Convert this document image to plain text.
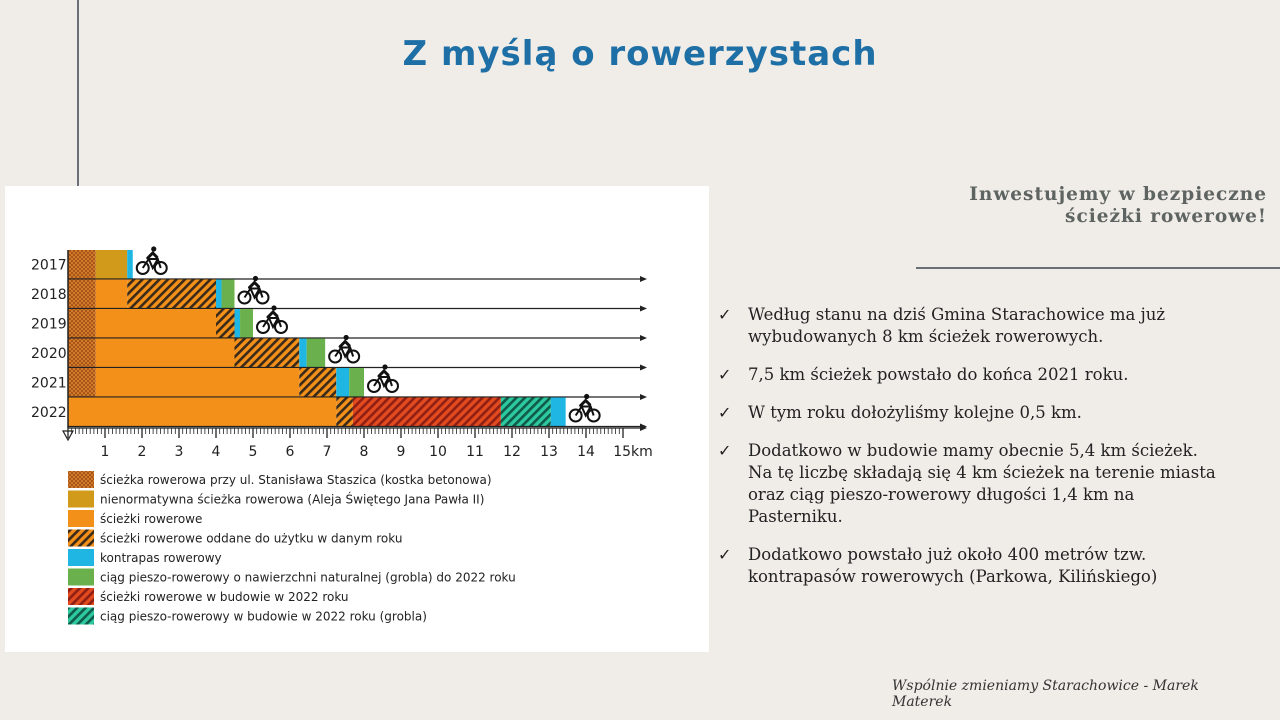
Z myślą o rowerzystach
2017
2018
2019
2020
2021
2022
1 2 3 4 5 6 7 8 9 10 11 12 13 14 15km
ścieżka rowerowa przy ul. Stanisława Staszica (kostka betonowa)
nienormatywna ścieżka rowerowa (Aleja Świętego Jana Pawła II)
ścieżki rowerowe
ścieżki rowerowe oddane do użytku w danym roku
kontrapas rowerowy
ciąg pieszo-rowerowy o nawierzchni naturalnej (grobla) do 2022 roku
ścieżki rowerowe w budowie w 2022 roku
ciąg pieszo-rowerowy w budowie w 2022 roku (grobla)
Inwestujemy w bezpieczne
ścieżki rowerowe!
✓ Według stanu na dziś Gmina Starachowice ma już wybudowanych 8 km ścieżek rowerowych.
✓ 7,5 km ścieżek powstało do końca 2021 roku.
✓ W tym roku dołożyliśmy kolejne 0,5 km.
✓ Dodatkowo w budowie mamy obecnie 5,4 km ścieżek. Na tę liczbę składają się 4 km ścieżek na terenie miasta oraz ciąg pieszo-rowerowy długości 1,4 km na Pasterniku.
✓ Dodatkowo powstało już około 400 metrów tzw. kontrapasów rowerowych (Parkowa, Kilińskiego)
Wspólnie zmieniamy Starachowice - Marek Materek
